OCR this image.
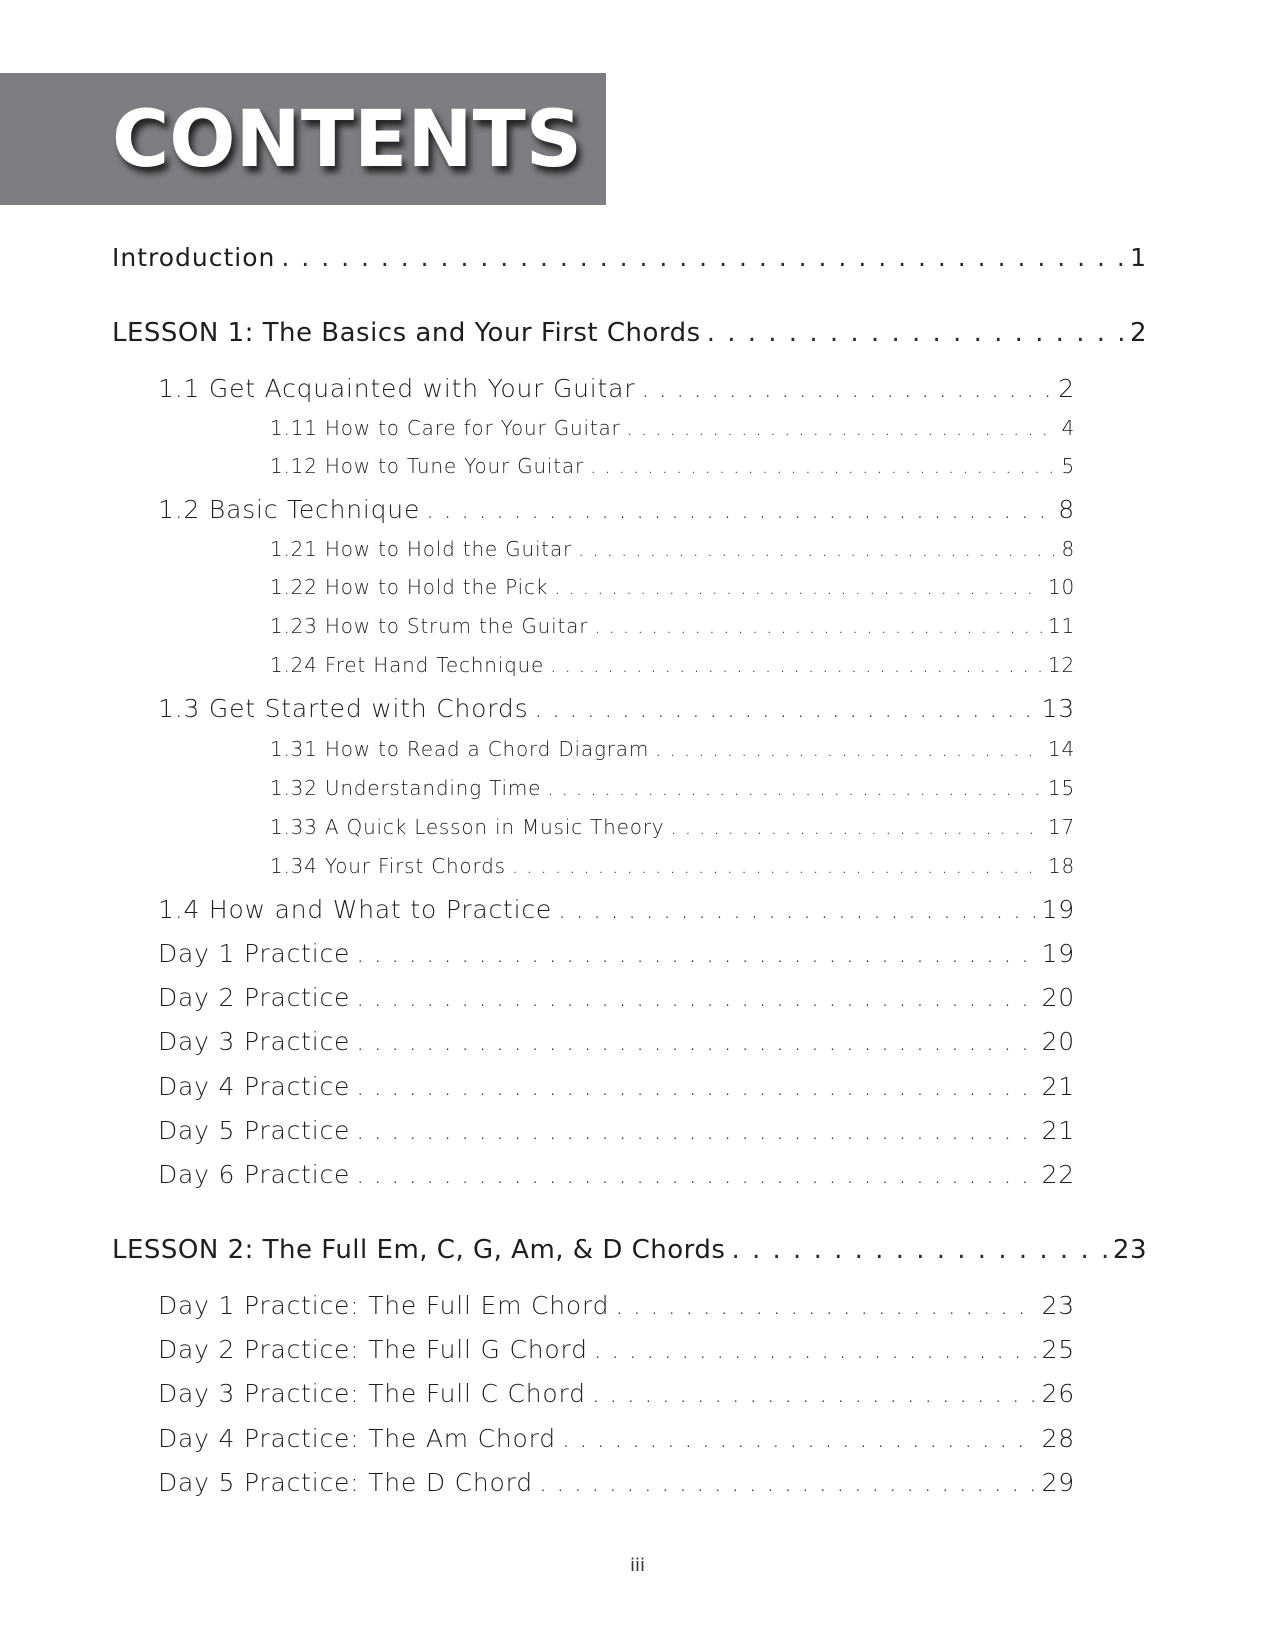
CONTENTS
Introduction . . .	1
LESSON 1: The Basics and Your First Chords . . .	2
1.1 Get Acquainted with Your Guitar . . .	2
1.11 How to Care for Your Guitar . . .	4
1.12 How to Tune Your Guitar . . .	5
1.2 Basic Technique . . .	8
1.21 How to Hold the Guitar . . .	8
1.22 How to Hold the Pick . . .	10
1.23 How to Strum the Guitar . . .	11
1.24 Fret Hand Technique . . .	12
1.3 Get Started with Chords . . .	13
1.31 How to Read a Chord Diagram . . .	14
1.32 Understanding Time . . .	15
1.33 A Quick Lesson in Music Theory . . .	17
1.34 Your First Chords . . .	18
1.4 How and What to Practice . . .	19
Day 1 Practice . . .	19
Day 2 Practice . . .	20
Day 3 Practice . . .	20
Day 4 Practice . . .	21
Day 5 Practice . . .	21
Day 6 Practice . . .	22
LESSON 2: The Full Em, C, G, Am, & D Chords . . .	23
Day 1 Practice: The Full Em Chord . . .	23
Day 2 Practice: The Full G Chord . . .	25
Day 3 Practice: The Full C Chord . . .	26
Day 4 Practice: The Am Chord . . .	28
Day 5 Practice: The D Chord . . .	29
iii
